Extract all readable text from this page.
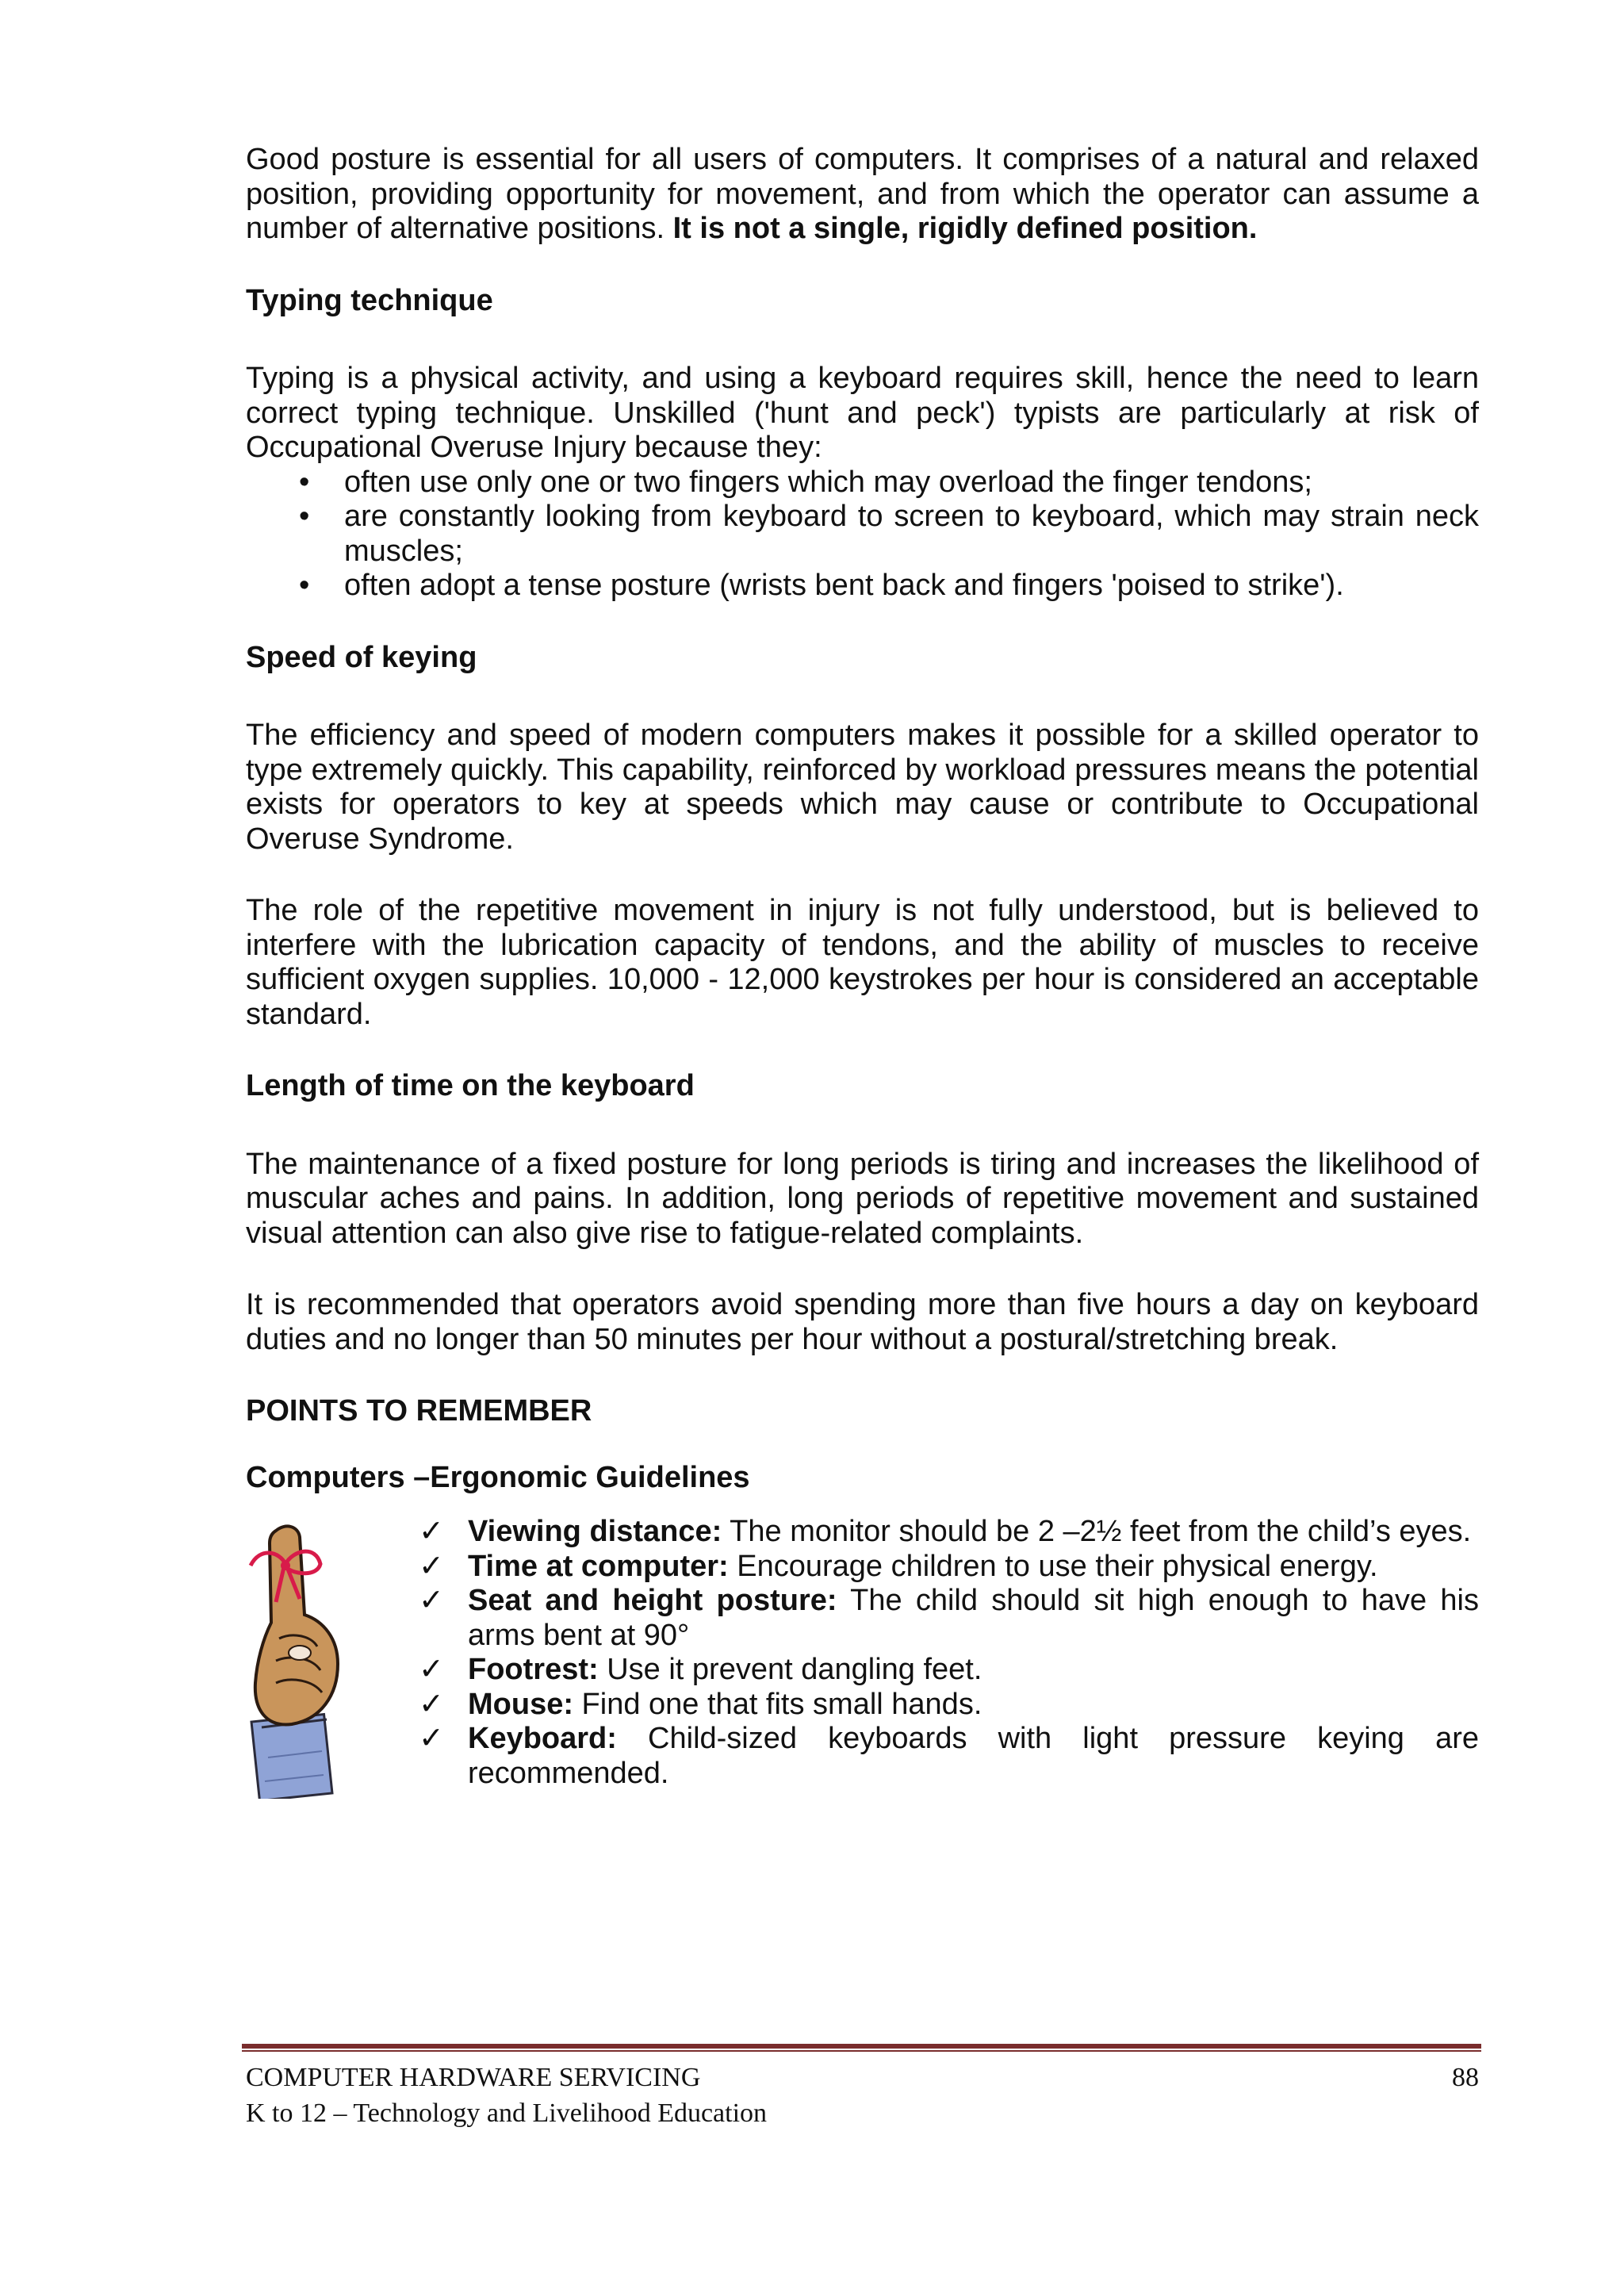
Good posture is essential for all users of computers. It comprises of a natural and relaxed position, providing opportunity for movement, and from which the operator can assume a number of alternative positions. It is not a single, rigidly defined position.

Typing technique

Typing is a physical activity, and using a keyboard requires skill, hence the need to learn correct typing technique. Unskilled ('hunt and peck') typists are particularly at risk of Occupational Overuse Injury because they:

• often use only one or two fingers which may overload the finger tendons;
• are constantly looking from keyboard to screen to keyboard, which may strain neck muscles;
• often adopt a tense posture (wrists bent back and fingers 'poised to strike').
Speed of keying

The efficiency and speed of modern computers makes it possible for a skilled operator to type extremely quickly. This capability, reinforced by workload pressures means the potential exists for operators to key at speeds which may cause or contribute to Occupational Overuse Syndrome.

The role of the repetitive movement in injury is not fully understood, but is believed to interfere with the lubrication capacity of tendons, and the ability of muscles to receive sufficient oxygen supplies. 10,000 - 12,000 keystrokes per hour is considered an acceptable standard.

Length of time on the keyboard

The maintenance of a fixed posture for long periods is tiring and increases the likelihood of muscular aches and pains. In addition, long periods of repetitive movement and sustained visual attention can also give rise to fatigue-related complaints.

It is recommended that operators avoid spending more than five hours a day on keyboard duties and no longer than 50 minutes per hour without a postural/stretching break.

POINTS TO REMEMBER
Computers –Ergonomic Guidelines
✓ Viewing distance: The monitor should be 2 –2½ feet from the child’s eyes.
✓ Time at computer: Encourage children to use their physical energy.
✓ Seat and height posture: The child should sit high enough to have his arms bent at 90°
✓ Footrest: Use it prevent dangling feet.
✓ Mouse: Find one that fits small hands.
✓ Keyboard: Child-sized keyboards with light pressure keying are recommended.
COMPUTER HARDWARE SERVICING	88
K to 12 – Technology and Livelihood Education
